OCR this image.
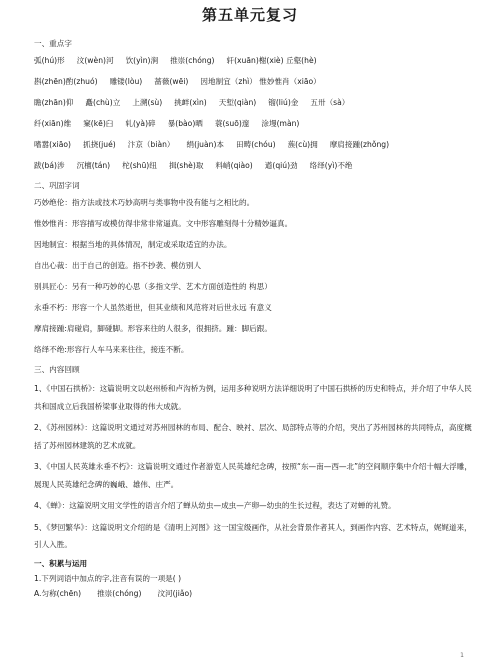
第五单元复习
一、重点字
弧(hú)形 汶(wèn)河 饮(yìn)涧 推崇(chóng) 轩(xuān)榭(xiè) 丘壑(hè)
斟(zhēn)酌(zhuó) 雕镂(lòu) 蔷薇(wēi) 因地制宜（zhì） 惟妙惟肖（xiāo）
瞻(zhān)仰 矗(chù)立 上溯(sù) 挑衅(xìn) 天堑(qiàn) 镏(liú)金 五卅（sà）
纤(xiān)维 窠(kē)臼 轧(yà)碎 暴(bào)晒 蓑(suō)邃 涂墁(màn)
嗜嚣(xiāo) 抓挠(jué) 汴京（biàn） 绢(juàn)本 田畴(chóu) 蔟(cù)拥 摩肩接踵(zhǒng)
跋(bá)涉 沉檀(tán) 柁(shū)纽 揖(shè)取 料峭(qiào) 遒(qiú)劲 络绎(yì)不绝
二、巩固字词
巧妙绝伦：指方法或技术巧妙高明与类事物中没有能与之相比的。
惟妙惟肖：形容描写或模仿得非常非常逼真。文中形容雕刻得十分精妙逼真。
因地制宜：根据当地的具体情况，制定或采取适宜的办法。
自出心裁：出于自己的创造。指不抄袭、模仿别人
别具匠心：另有一种巧妙的心思（多指文学、艺术方面创造性的 构思）
永垂不朽：形容一个人虽然逝世，但其业绩和风范将对后世永远 有意义
摩肩接踵:肩碰肩，脚碰脚。形容来往的人很多，很拥挤。踵：脚后跟。
络绎不绝:形容行人车马来来往往，接连不断。
三、内容回顾
1、《中国石拱桥》：这篇说明文以赵州桥和卢沟桥为例，运用多种说明方法详细说明了中国石拱桥的历史和特点，并介绍了中华人民共和国成立后我国桥梁事业取得的伟大成就。
2、《苏州园林》：这篇说明文通过对苏州园林的布局、配合、映衬、层次、局部特点等的介绍，突出了苏州园林的共同特点，高度概括了苏州园林建筑的艺术成就。
3、《中国人民英雄永垂不朽》：这篇说明文通过作者游览人民英雄纪念碑，按照“东—南—西—北”的空间顺序集中介绍十幅大浮雕，展现人民英雄纪念碑的巍峨、雄伟、庄严。
4、《蝉》：这篇说明文用文学性的语言介绍了蝉从幼虫—成虫—产卵—幼虫的生长过程，表达了对蝉的礼赞。
5、《梦回繁华》：这篇说明文介绍的是《清明上河图》这一国宝级画作，从社会背景作者其人，到画作内容、艺术特点，娓娓道来，引人入胜。
一、积累与运用
1.下列词语中加点的字,注音有误的一项是( )
A.匀称(chēn) 推崇(chóng) 汶河(jiǎo)
1
